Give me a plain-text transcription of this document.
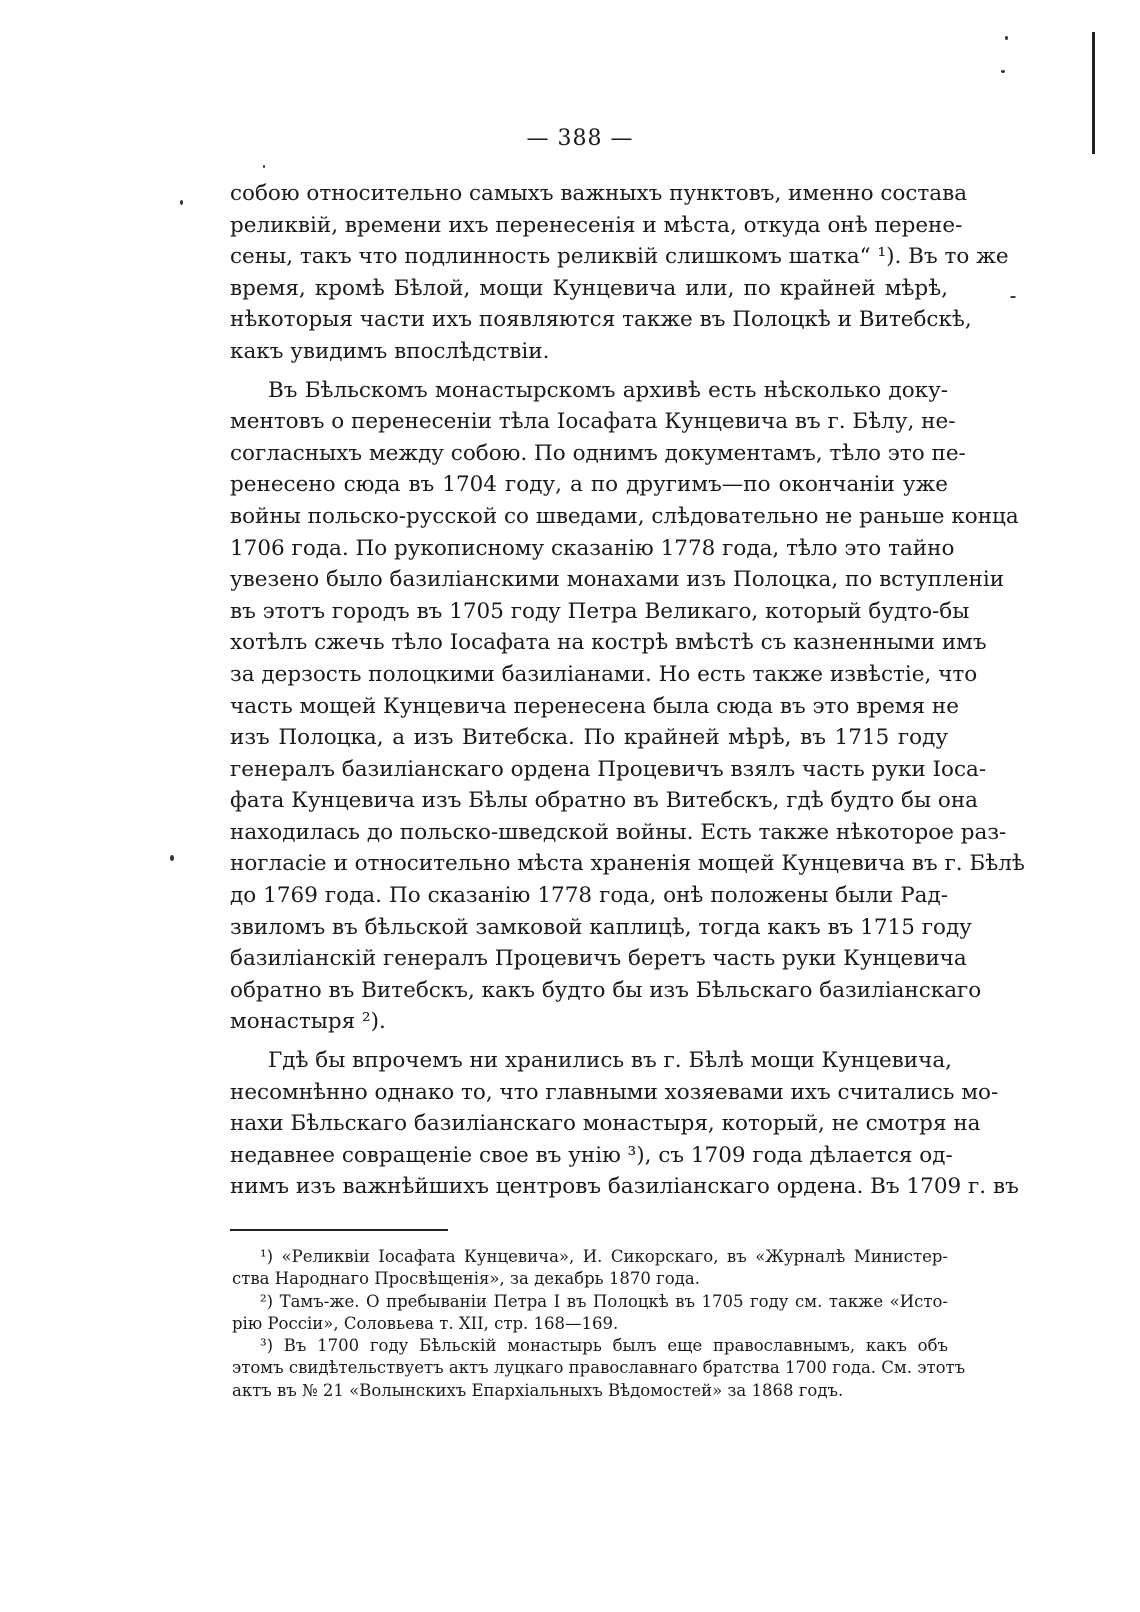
— 388 —
собою относительно самыхъ важныхъ пунктовъ, именно состава
реликвій, времени ихъ перенесенія и мѣста, откуда онѣ перене-
сены, такъ что подлинность реликвій слишкомъ шатка“ ¹). Въ то же
время, кромѣ Бѣлой, мощи Кунцевича или, по крайней мѣрѣ,
нѣкоторыя части ихъ появляются также въ Полоцкѣ и Витебскѣ,
какъ увидимъ впослѣдствіи.
Въ Бѣльскомъ монастырскомъ архивѣ есть нѣсколько доку-
ментовъ о перенесеніи тѣла Іосафата Кунцевича въ г. Бѣлу, не-
согласныхъ между собою. По однимъ документамъ, тѣло это пе-
ренесено сюда въ 1704 году, а по другимъ—по окончаніи уже
войны польско-русской со шведами, слѣдовательно не раньше конца
1706 года. По рукописному сказанію 1778 года, тѣло это тайно
увезено было базиліанскими монахами изъ Полоцка, по вступленіи
въ этотъ городъ въ 1705 году Петра Великаго, который будто-бы
хотѣлъ сжечь тѣло Іосафата на кострѣ вмѣстѣ съ казненными имъ
за дерзость полоцкими базиліанами. Но есть также извѣстіе, что
часть мощей Кунцевича перенесена была сюда въ это время не
изъ Полоцка, а изъ Витебска. По крайней мѣрѣ, въ 1715 году
генералъ базиліанскаго ордена Процевичъ взялъ часть руки Іоса-
фата Кунцевича изъ Бѣлы обратно въ Витебскъ, гдѣ будто бы она
находилась до польско-шведской войны. Есть также нѣкоторое раз-
ногласіе и относительно мѣста храненія мощей Кунцевича въ г. Бѣлѣ
до 1769 года. По сказанію 1778 года, онѣ положены были Рад-
звиломъ въ бѣльской замковой каплицѣ, тогда какъ въ 1715 году
базиліанскій генералъ Процевичъ беретъ часть руки Кунцевича
обратно въ Витебскъ, какъ будто бы изъ Бѣльскаго базиліанскаго
монастыря ²).
Гдѣ бы впрочемъ ни хранились въ г. Бѣлѣ мощи Кунцевича,
несомнѣнно однако то, что главными хозяевами ихъ считались мо-
нахи Бѣльскаго базиліанскаго монастыря, который, не смотря на
недавнее совращеніе свое въ унію ³), съ 1709 года дѣлается од-
нимъ изъ важнѣйшихъ центровъ базиліанскаго ордена. Въ 1709 г. въ
¹) «Реликвіи Іосафата Кунцевича», И. Сикорскаго, въ «Журналѣ Министер-
ства Народнаго Просвѣщенія», за декабрь 1870 года.
²) Тамъ-же. О пребываніи Петра I въ Полоцкѣ въ 1705 году см. также «Исто-
рію Россіи», Соловьева т. XII, стр. 168—169.
³) Въ 1700 году Бѣльскій монастырь былъ еще православнымъ, какъ объ
этомъ свидѣтельствуетъ актъ луцкаго православнаго братства 1700 года. См. этотъ
актъ въ № 21 «Волынскихъ Епархіальныхъ Вѣдомостей» за 1868 годъ.
